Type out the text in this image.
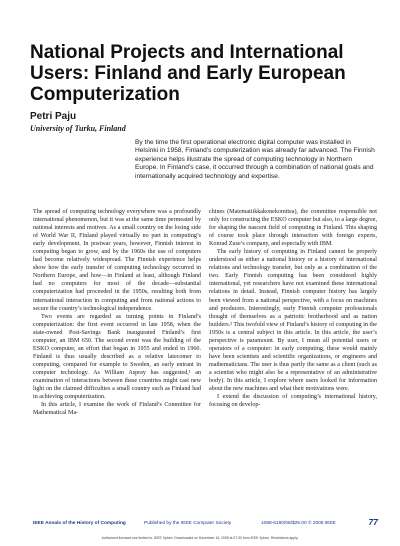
National Projects and International Users: Finland and Early European Computerization
Petri Paju
University of Turku, Finland

By the time the first operational electronic digital computer was installed in Helsinki in 1958, Finland’s computerization was already far advanced. The Finnish experience helps illustrate the spread of computing technology in Northern Europe. In Finland’s case, it occurred through a combination of national goals and internationally acquired technology and expertise.

The spread of computing technology everywhere was a profoundly international phenomenon, but it was at the same time permeated by national interests and motives. As a small country on the losing side of World War II, Finland played virtually no part in computing’s early development. In postwar years, however, Finnish interest in computing began to grow, and by the 1960s the use of computers had become relatively widespread. The Finnish experience helps show how the early transfer of computing technology occurred in Northern Europe, and how—in Finland at least, although Finland had no computers for most of the decade—substantial computerization had proceeded in the 1950s, resulting both from international interaction in computing and from national actions to secure the country’s technological independence.

Two events are regarded as turning points in Finland’s computerization: the first event occurred in late 1958, when the state-owned Post-Savings Bank inaugurated Finland’s first computer, an IBM 650. The second event was the building of the ESKO computer, an effort that began in 1955 and ended in 1960. Finland is thus usually described as a relative latecomer to computing, compared for example to Sweden, an early entrant in computer technology. As William Aspray has suggested,¹ an examination of interactions between these countries might cast new light on the claimed difficulties a small country such as Finland had in achieving computerization.

In this article, I examine the work of Finland’s Committee for Mathematical Ma-

chines (Matematiikkakonekomitea), the committee responsible not only for constructing the ESKO computer but also, to a large degree, for shaping the nascent field of computing in Finland. This shaping of course took place through interaction with foreign experts, Konrad Zuse’s company, and especially with IBM.

The early history of computing in Finland cannot be properly understood as either a national history or a history of international relations and technology transfer, but only as a combination of the two. Early Finnish computing has been considered highly international, yet researchers have not examined these international relations in detail. Instead, Finnish computer history has largely been viewed from a national perspective, with a focus on machines and producers. Interestingly, early Finnish computer professionals thought of themselves as a patriotic brotherhood and as nation builders.² This twofold view of Finland’s history of computing in the 1950s is a central subject in this article. In this article, the user’s perspective is paramount. By user, I mean all potential users or operators of a computer: in early computing, these would mainly have been scientists and scientific organizations, or engineers and mathematicians. The user is thus partly the same as a client (such as a scientist who might also be a representative of an administrative body). In this article, I explore where users looked for information about the new machines and what their motivations were.

I extend the discussion of computing’s international history, focusing on develop-

IEEE Annals of the History of Computing	Published by the IEEE Computer Society	1058-6180/08/$25.00 © 2008 IEEE	77
Authorized licensed use limited to: IEEE Xplore. Downloaded on December 16, 2008 at 07:30 from IEEE Xplore. Restrictions apply.
